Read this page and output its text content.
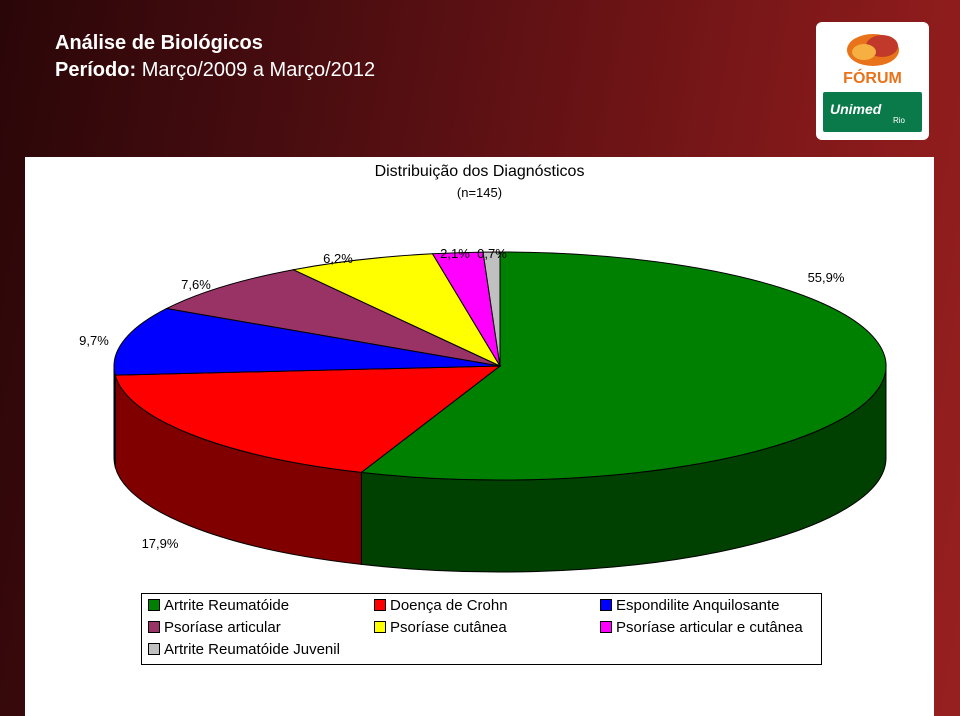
Análise de Biológicos
Período: Março/2009 a Março/2012	FÓRUM
Unimed
Rio
Distribuição dos Diagnósticos
(n=145)
55,9%
17,9%
9,7%
7,6%
6,2%	2,1% 0,7%
Artrite Reumatóide	Doença de Crohn	Espondilite Anquilosante
Psoríase articular	Psoríase cutânea	Psoríase articular e cutânea
Artrite Reumatóide Juvenil
